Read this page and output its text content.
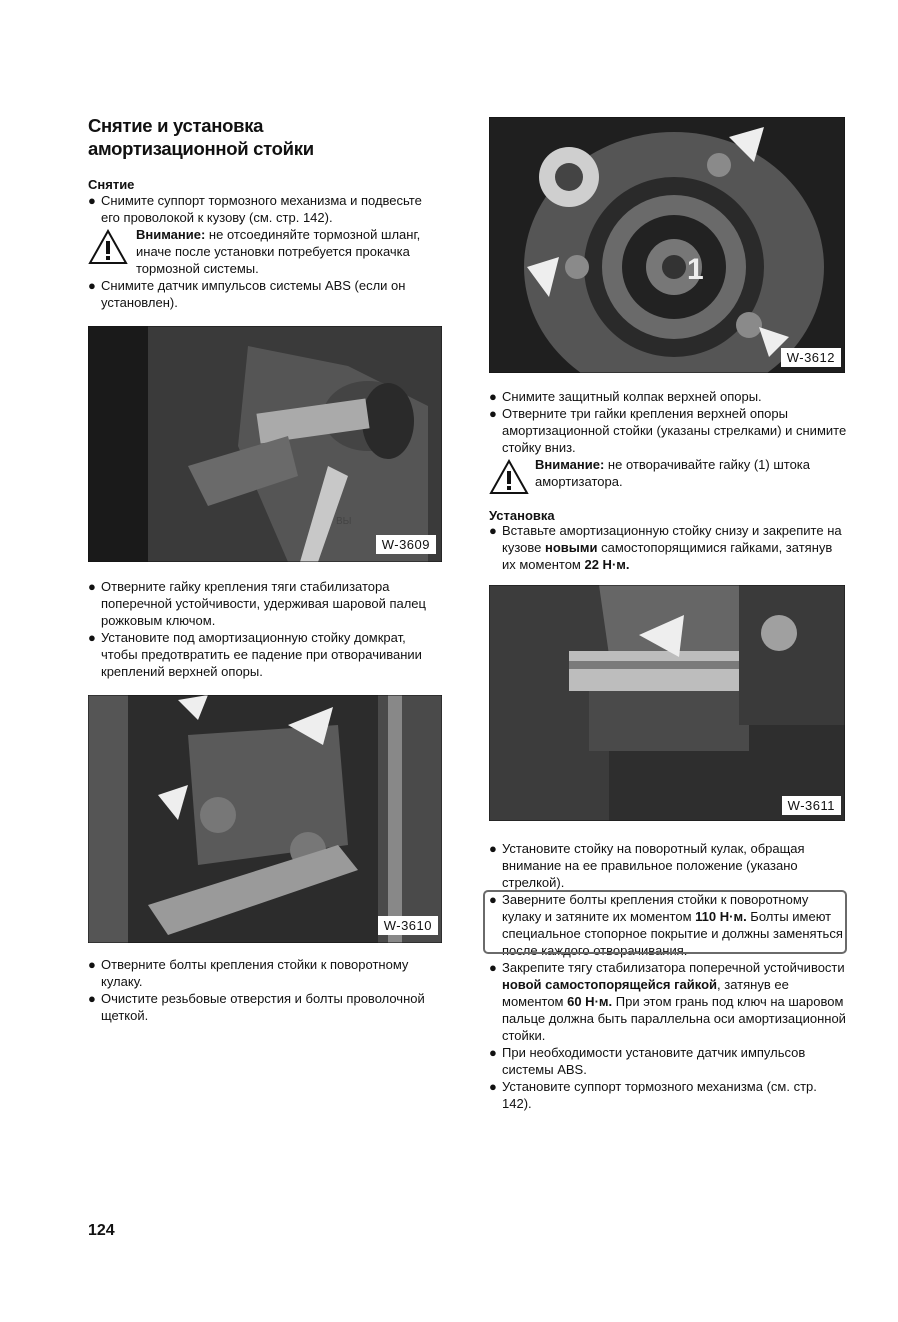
Снятие и установка
амортизационной стойки
Снятие

● Снимите суппорт тормозного механизма и подвесьте его проволокой к кузову (см. стр. 142).

Внимание: не отсоединяйте тормозной шланг, иначе после установки потребуется прокачка тормозной системы.

● Снимите датчик импульсов системы ABS (если он установлен).

ВЫ
W-3609

● Отверните гайку крепления тяги стабилизатора поперечной устойчивости, удерживая шаровой палец рожковым ключом.

● Установите под амортизационную стойку домкрат, чтобы предотвратить ее падение при отворачивании креплений верхней опоры.

W-3610

● Отверните болты крепления стойки к поворотному кулаку.

● Очистите резьбовые отверстия и болты проволочной щеткой.

1
W-3612

● Снимите защитный колпак верхней опоры.

● Отверните три гайки крепления верхней опоры амортизационной стойки (указаны стрелками) и снимите стойку вниз.

Внимание: не отворачивайте гайку (1) штока амортизатора.

Установка

● Вставьте амортизационную стойку снизу и закрепите на кузове новыми самостопорящимися гайками, затянув их моментом 22 Н·м.

W-3611

● Установите стойку на поворотный кулак, обращая внимание на ее правильное положение (указано стрелкой).

● Заверните болты крепления стойки к поворотному кулаку и затяните их моментом 110 Н·м. Болты имеют специальное стопорное покрытие и должны заменяться после каждого отворачивания.

● Закрепите тягу стабилизатора поперечной устойчивости новой самостопорящейся гайкой, затянув ее моментом 60 Н·м. При этом грань под ключ на шаровом пальце должна быть параллельна оси амортизационной стойки.

● При необходимости установите датчик импульсов системы ABS.

● Установите суппорт тормозного механизма (см. стр. 142).

124
